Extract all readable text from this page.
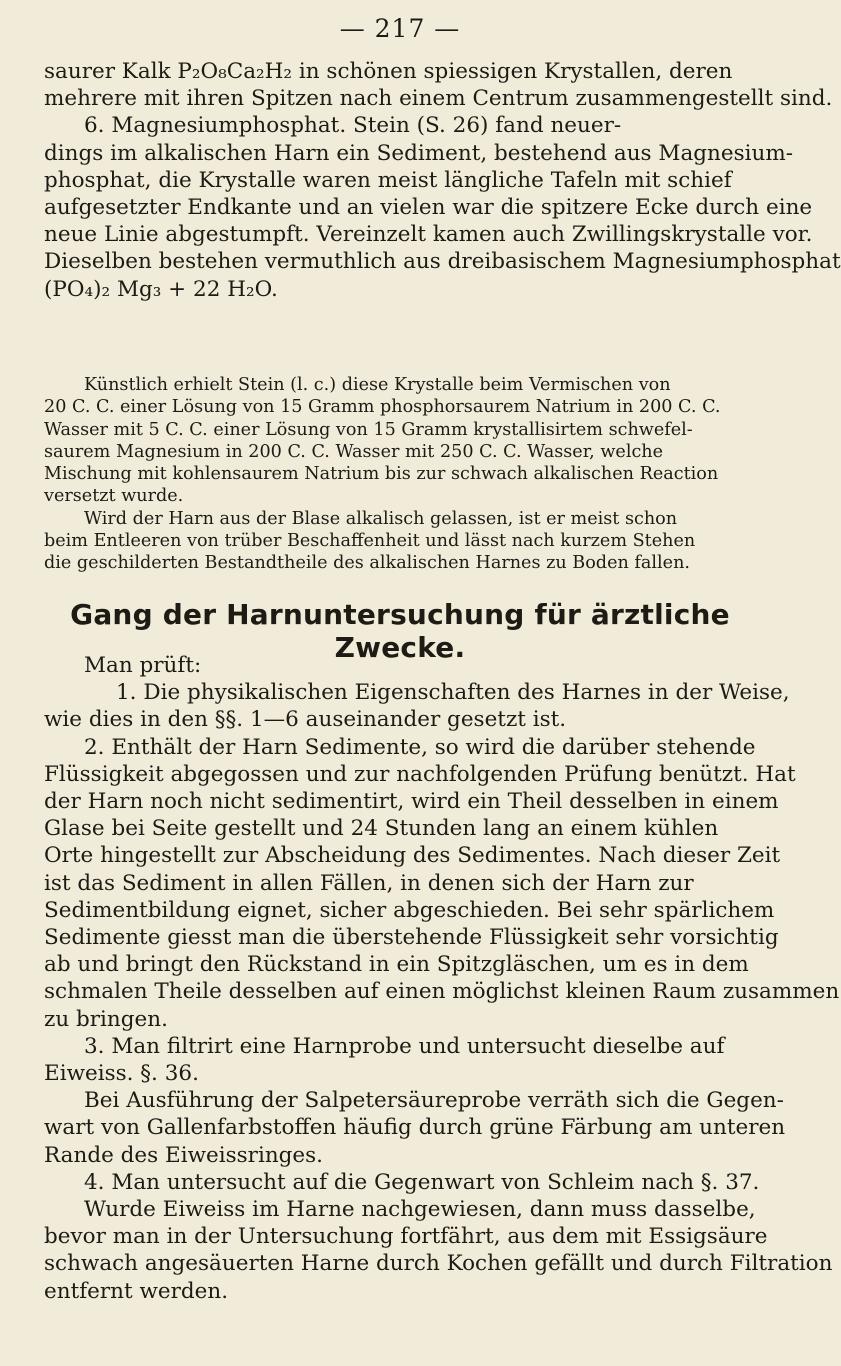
— 217 —
saurer Kalk P₂O₈Ca₂H₂ in schönen spiessigen Krystallen, deren
mehrere mit ihren Spitzen nach einem Centrum zusammengestellt sind.
6. Magnesiumphosphat. Stein (S. 26) fand neuer-
dings im alkalischen Harn ein Sediment, bestehend aus Magnesium-
phosphat, die Krystalle waren meist längliche Tafeln mit schief
aufgesetzter Endkante und an vielen war die spitzere Ecke durch eine
neue Linie abgestumpft. Vereinzelt kamen auch Zwillingskrystalle vor.
Dieselben bestehen vermuthlich aus dreibasischem Magnesiumphosphat
(PO₄)₂ Mg₃ + 22 H₂O.
Künstlich erhielt Stein (l. c.) diese Krystalle beim Vermischen von
20 C. C. einer Lösung von 15 Gramm phosphorsaurem Natrium in 200 C. C.
Wasser mit 5 C. C. einer Lösung von 15 Gramm krystallisirtem schwefel-
saurem Magnesium in 200 C. C. Wasser mit 250 C. C. Wasser, welche
Mischung mit kohlensaurem Natrium bis zur schwach alkalischen Reaction
versetzt wurde.
Wird der Harn aus der Blase alkalisch gelassen, ist er meist schon
beim Entleeren von trüber Beschaffenheit und lässt nach kurzem Stehen
die geschilderten Bestandtheile des alkalischen Harnes zu Boden fallen.
Gang der Harnuntersuchung für ärztliche Zwecke.
Man prüft:
1. Die physikalischen Eigenschaften des Harnes in der Weise,
wie dies in den §§. 1—6 auseinander gesetzt ist.
2. Enthält der Harn Sedimente, so wird die darüber stehende
Flüssigkeit abgegossen und zur nachfolgenden Prüfung benützt. Hat
der Harn noch nicht sedimentirt, wird ein Theil desselben in einem
Glase bei Seite gestellt und 24 Stunden lang an einem kühlen
Orte hingestellt zur Abscheidung des Sedimentes. Nach dieser Zeit
ist das Sediment in allen Fällen, in denen sich der Harn zur
Sedimentbildung eignet, sicher abgeschieden. Bei sehr spärlichem
Sedimente giesst man die überstehende Flüssigkeit sehr vorsichtig
ab und bringt den Rückstand in ein Spitzgläschen, um es in dem
schmalen Theile desselben auf einen möglichst kleinen Raum zusammen
zu bringen.
3. Man filtrirt eine Harnprobe und untersucht dieselbe auf
Eiweiss. §. 36.
Bei Ausführung der Salpetersäureprobe verräth sich die Gegen-
wart von Gallenfarbstoffen häufig durch grüne Färbung am unteren
Rande des Eiweissringes.
4. Man untersucht auf die Gegenwart von Schleim nach §. 37.
Wurde Eiweiss im Harne nachgewiesen, dann muss dasselbe,
bevor man in der Untersuchung fortfährt, aus dem mit Essigsäure
schwach angesäuerten Harne durch Kochen gefällt und durch Filtration
entfernt werden.
